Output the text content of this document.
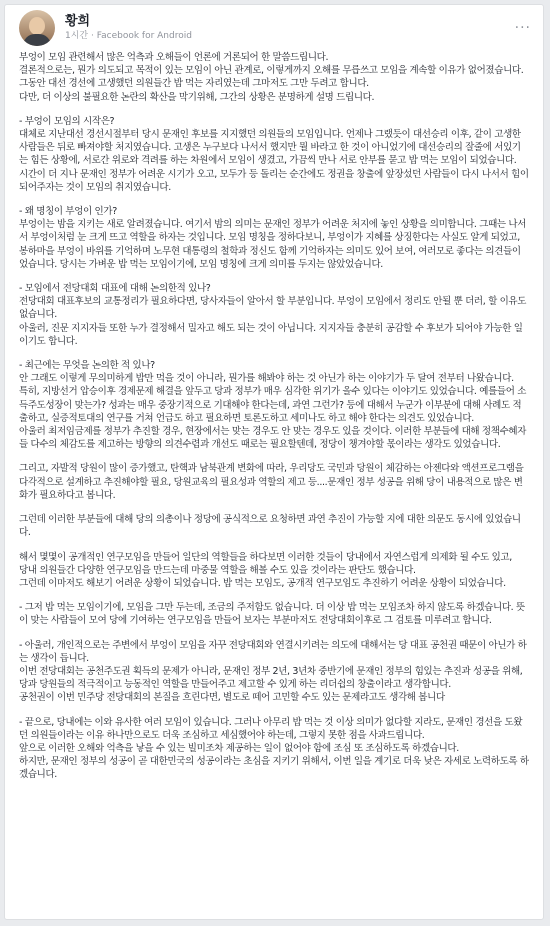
황희
1시간 · Facebook for Android	···

부엉이 모임 관련해서 많은 억측과 오해들이 언론에 거론되어 한 말씀드립니다.
결론적으로는, 뭔가 의도되고 목적이 있는 모임이 아닌 관계로, 이렇게까지 오해를 무릅쓰고 모임을 계속할 이유가 없어졌습니다. 그동안 대선 경선에 고생했던 의원들간 밥 먹는 자리였는데 그마저도 그만 두려고 합니다.
다만, 더 이상의 불필요한 논란의 확산을 막기위해, 그간의 상황은 분명하게 설명 드립니다.

- 부엉이 모임의 시작은?
대체로 지난대선 경선시절부터 당시 문재인 후보를 지지했던 의원들의 모임입니다. 언제나 그랬듯이 대선승리 이후, 같이 고생한 사람들은 뒤로 빠져야할 처지였습니다. 고생은 누구보다 나서서 했지만 뭘 바라고 한 것이 아니었기에 대선승리의 잘줄에 서있기는 힘든 상황에, 서로간 위로와 격려를 하는 차원에서 모임이 생겼고, 가끔씩 만나 서로 안부를 묻고 밥 먹는 모임이 되었습니다.
시간이 더 지나 문재인 정부가 어려운 시기가 오고, 모두가 등 돌리는 순간에도 정권을 창출에 앞장섰던 사람들이 다시 나서서 힘이 되어주자는 것이 모임의 취지였습니다.

- 왜 명칭이 부엉이 인가?
부엉이는 밤을 지키는 새로 알려졌습니다. 여기서 밤의 의미는 문재인 정부가 어려운 처지에 놓인 상황을 의미합니다. 그때는 나서서 부엉이처럼 눈 크게 뜨고 역할을 하자는 것입니다. 모임 명칭을 정하다보니, 부엉이가 지혜를 상징한다는 사실도 알게 되었고, 봉하마을 부엉이 바위를 기억하며 노무현 대통령의 철학과 정신도 함께 기억하자는 의미도 있어 보여, 여러모로 좋다는 의견들이었습니다. 당시는 가벼운 밥 먹는 모임이기에, 모임 명칭에 크게 의미를 두지는 않았었습니다.

- 모임에서 전당대회 대표에 대해 논의한적 있나?
전당대회 대표후보의 교통정리가 필요하다면, 당사자들이 알아서 할 부분입니다. 부엉이 모임에서 정리도 안될 뿐 더러, 할 이유도 없습니다.
아울러, 진문 지지자들 또한 누가 결정해서 밀자고 해도 되는 것이 아닙니다. 지지자들 충분히 공감할 수 후보가 되어야 가능한 일이기도 합니다.

- 최근에는 무엇을 논의한 적 있나?
안 그래도 이렇게 무의미하게 밥만 먹을 것이 아니라, 뭔가를 해봐야 하는 것 아닌가 하는 이야기가 두 달여 전부터 나왔습니다.
특히, 지방선거 압승이후 경제문제 해결을 앞두고 당과 정부가 매우 심각한 위기가 올수 있다는 이야기도 있었습니다. 예를들어 소득주도성장이 맞는가? 성과는 매우 중장기적으로 기대해야 한다는데, 과연 그런가? 등에 대해서 누군가 이부분에 대해 사례도 적출하고, 실증적토대의 연구를 거쳐 언급도 하고 필요하면 토론도하고 세미나도 하고 해야 한다는 의견도 있었습니다.
아울러 최저임금제를 정부가 추진할 경우, 현장에서는 맞는 경우도 안 맞는 경우도 있을 것이다. 이러한 부분들에 대해 정책수혜자들 다수의 체감도를 제고하는 방향의 의견수렴과 개선도 때로는 필요할텐데, 정당이 챙겨야할 몫이라는 생각도 있었습니다.

그리고, 자발적 당원이 많이 증가했고, 탄핵과 남북관계 변화에 따라, 우리당도 국민과 당원이 체감하는 아젠다와 액션프로그램을 다각적으로 설계하고 추진해야할 필요, 당원교육의 필요성과 역할의 제고 등....문재인 정부 성공을 위해 당이 내용적으로 많은 변화가 필요하다고 봅니다.

그런데 이러한 부분들에 대해 당의 의총이나 정당에 공식적으로 요청하면 과연 추진이 가능할 지에 대한 의문도 동시에 있었습니다.

해서 몇몇이 공개적인 연구모임을 만들어 일단의 역할들을 하다보면 이러한 것들이 당내에서 자연스럽게 의제화 될 수도 있고,
당내 의원들간 다양한 연구모임을 만드는데 마중물 역할을 해볼 수도 있을 것이라는 판단도 했습니다.
그런데 이마저도 해보기 어려운 상황이 되었습니다. 밥 먹는 모임도, 공개적 연구모임도 추진하기 어려운 상황이 되었습니다.

- 그저 밥 먹는 모임이기에, 모임을 그만 두는데, 조금의 주저함도 없습니다. 더 이상 밥 먹는 모임조차 하지 않도록 하겠습니다. 뜻이 맞는 사람들이 모여 당에 기여하는 연구모임을 만들어 보자는 부분마저도 전당대회이후로 그 검토를 미루려고 합니다.

- 아울러, 개인적으로는 주변에서 부엉이 모임을 자꾸 전당대회와 연결시키려는 의도에 대해서는 당 대표 공천권 때문이 아닌가 하는 생각이 듭니다.
이번 전당대회는 공천주도권 획득의 문제가 아니라, 문재인 정부 2년, 3년차 중반기에 문재인 정부의 힘있는 추진과 성공을 위해, 당과 당원들의 적극적이고 능동적인 역할을 만들어주고 제고할 수 있게 하는 리더쉽의 창출이라고 생각합니다.
공천권이 이번 민주당 전당대회의 본질을 흐린다면, 별도로 떼어 고민할 수도 있는 문제라고도 생각해 봅니다

- 끝으로, 당내에는 이와 유사한 여러 모임이 있습니다. 그러나 아무리 밥 먹는 것 이상 의미가 없다할 지라도, 문재인 경선을 도왔던 의원들이라는 이유 하나만으로도 더욱 조심하고 세심했어야 하는데, 그렇지 못한 점을 사과드립니다.
앞으로 이러한 오해와 억측을 낳을 수 있는 빌미조차 제공하는 일이 없어야 함에 조심 또 조심하도록 하겠습니다.
하지만, 문재인 정부의 성공이 곧 대한민국의 성공이라는 초심을 지키기 위해서, 이번 일을 계기로 더욱 낮은 자세로 노력하도록 하겠습니다.
